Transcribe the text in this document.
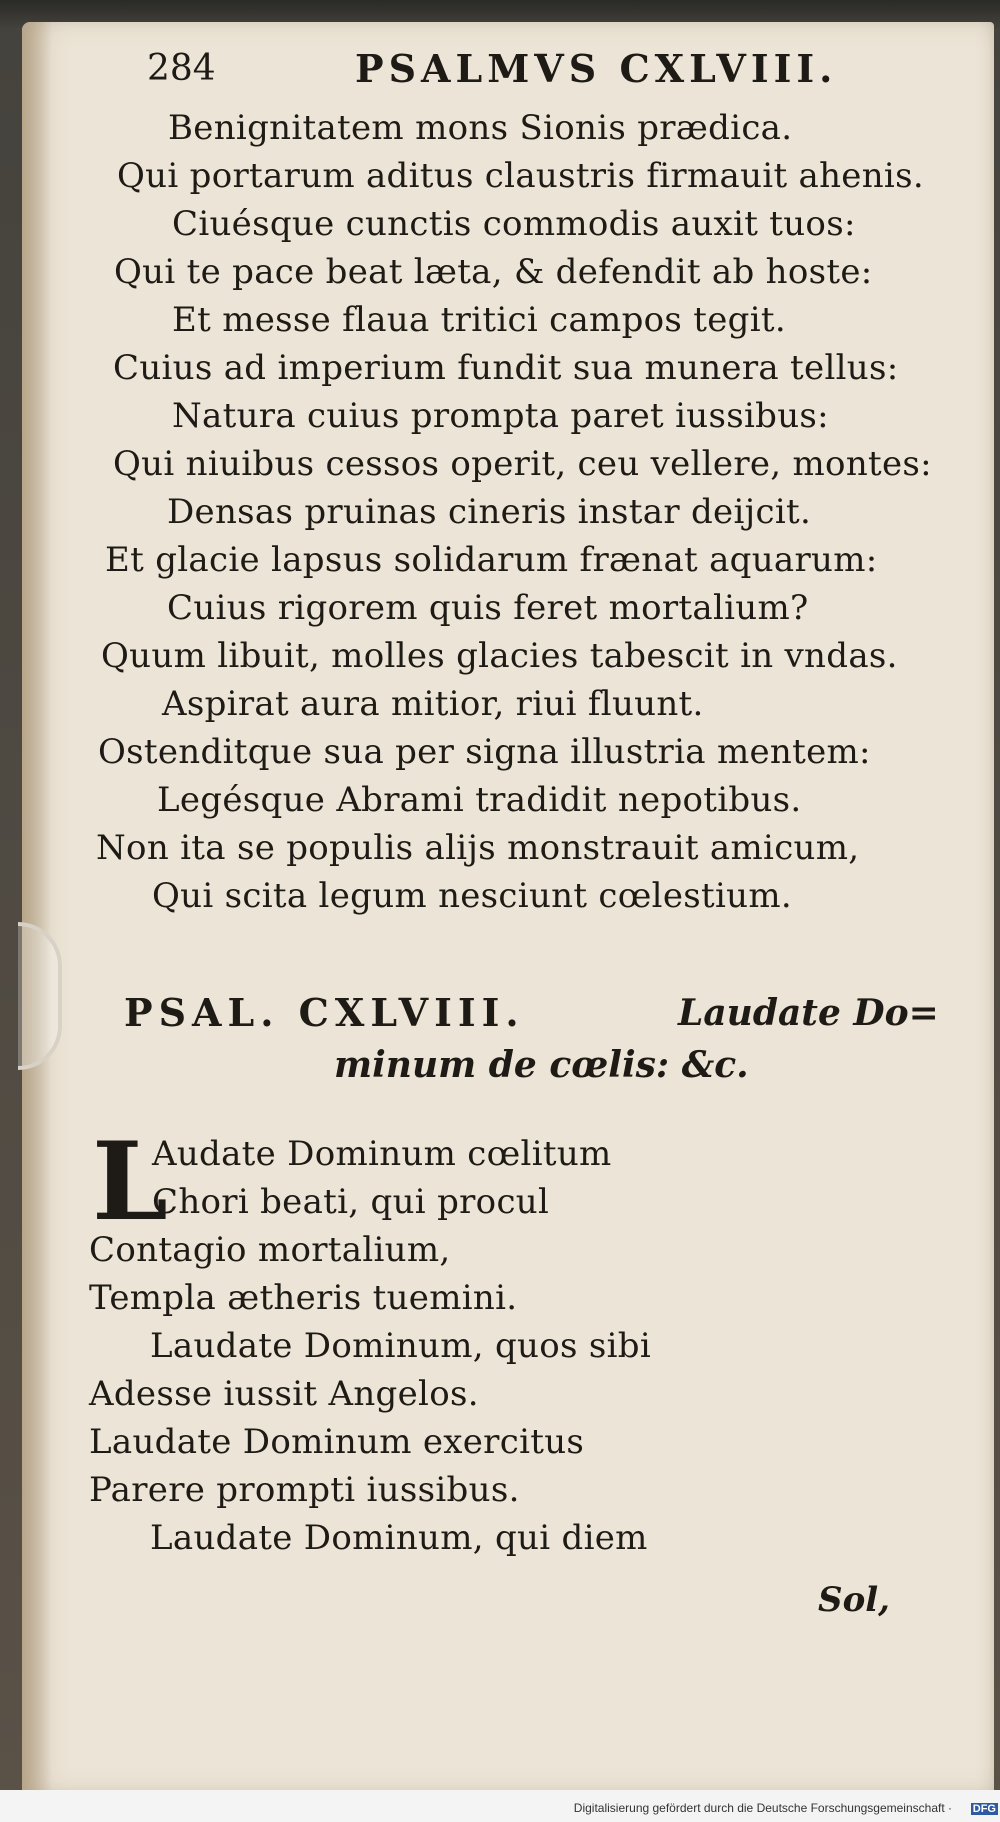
284	PSALMVS CXLVIII.
Benignitatem mons Sionis prædica.
Qui portarum aditus claustris firmauit ahenis.
Ciuésque cunctis commodis auxit tuos:
Qui te pace beat læta, & defendit ab hoste:
Et messe flaua tritici campos tegit.
Cuius ad imperium fundit sua munera tellus:
Natura cuius prompta paret iussibus:
Qui niuibus cessos operit, ceu vellere, montes:
Densas pruinas cineris instar deijcit.
Et glacie lapsus solidarum frænat aquarum:
Cuius rigorem quis feret mortalium?
Quum libuit, molles glacies tabescit in vndas.
Aspirat aura mitior, riui fluunt.
Ostenditque sua per signa illustria mentem:
Legésque Abrami tradidit nepotibus.
Non ita se populis alijs monstrauit amicum,
Qui scita legum nesciunt cœlestium.
PSAL. CXLVIII.	Laudate Do=
minum de cœlis: &c.
L
Audate Dominum cœlitum
Chori beati, qui procul
Contagio mortalium,
Templa ætheris tuemini.
Laudate Dominum, quos sibi
Adesse iussit Angelos.
Laudate Dominum exercitus
Parere prompti iussibus.
Laudate Dominum, qui diem
Sol,
Digitalisierung gefördert durch die Deutsche Forschungsgemeinschaft · DFG
